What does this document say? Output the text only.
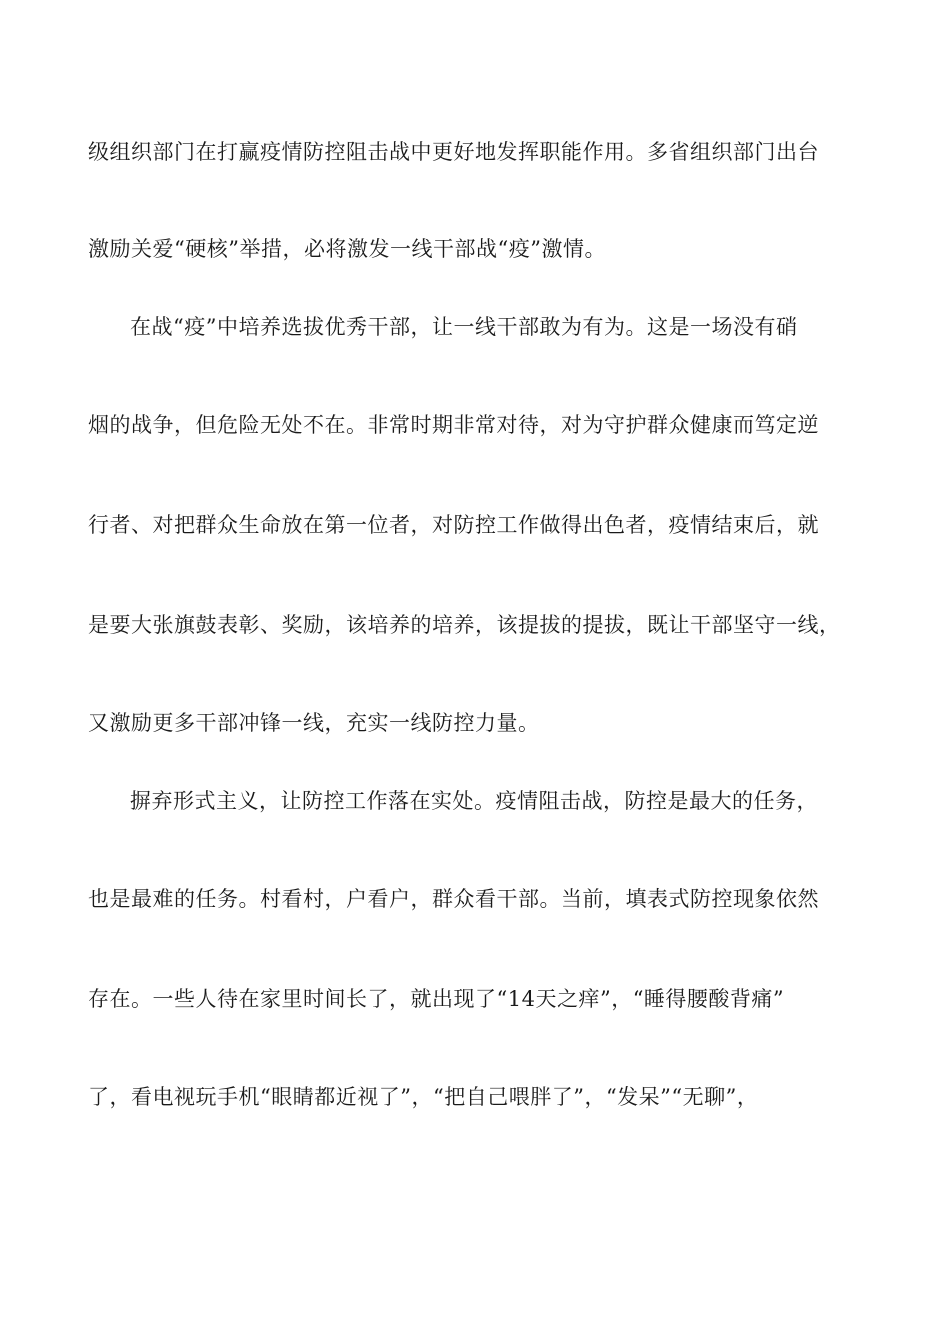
级组织部门在打赢疫情防控阻击战中更好地发挥职能作用。多省组织部门出台
激励关爱“硬核”举措，必将激发一线干部战“疫”激情。
在战“疫”中培养选拔优秀干部，让一线干部敢为有为。这是一场没有硝
烟的战争，但危险无处不在。非常时期非常对待，对为守护群众健康而笃定逆
行者、对把群众生命放在第一位者，对防控工作做得出色者，疫情结束后，就
是要大张旗鼓表彰、奖励，该培养的培养，该提拔的提拔，既让干部坚守一线，
又激励更多干部冲锋一线，充实一线防控力量。
摒弃形式主义，让防控工作落在实处。疫情阻击战，防控是最大的任务，
也是最难的任务。村看村，户看户，群众看干部。当前，填表式防控现象依然
存在。一些人待在家里时间长了，就出现了“14天之痒”，“睡得腰酸背痛”
了，看电视玩手机“眼睛都近视了”，“把自己喂胖了”，“发呆”“无聊”，
